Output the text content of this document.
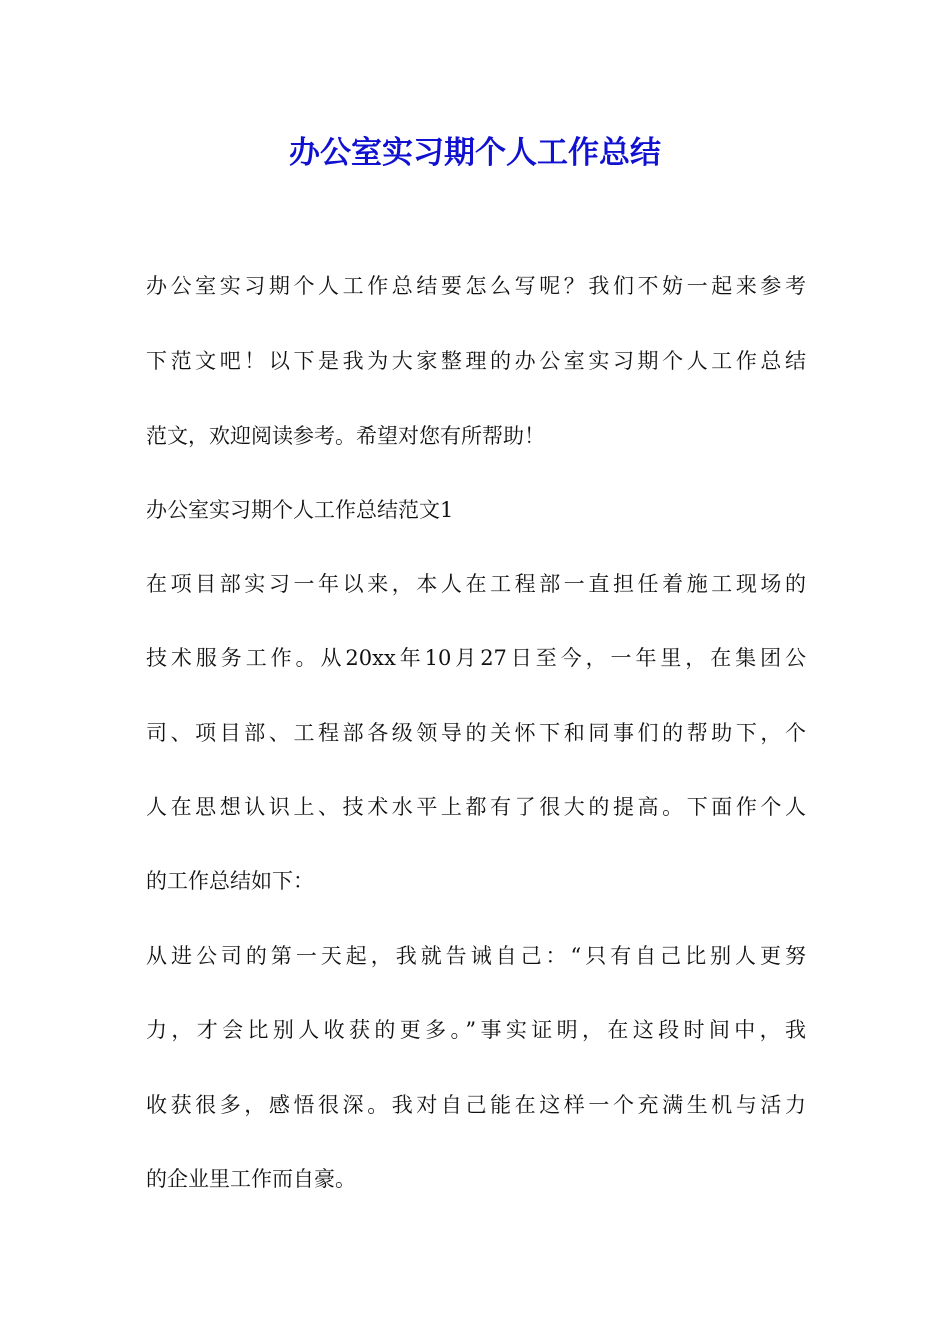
办公室实习期个人工作总结

办公室实习期个人工作总结要怎么写呢？我们不妨一起来参考

下范文吧！以下是我为大家整理的办公室实习期个人工作总结

范文，欢迎阅读参考。希望对您有所帮助！

办公室实习期个人工作总结范文1

在项目部实习一年以来，本人在工程部一直担任着施工现场的

技术服务工作。从20xx年10月27日至今，一年里，在集团公

司、项目部、工程部各级领导的关怀下和同事们的帮助下，个

人在思想认识上、技术水平上都有了很大的提高。下面作个人

的工作总结如下：

从进公司的第一天起，我就告诫自己：“只有自己比别人更努

力，才会比别人收获的更多。”事实证明，在这段时间中，我

收获很多，感悟很深。我对自己能在这样一个充满生机与活力

的企业里工作而自豪。
